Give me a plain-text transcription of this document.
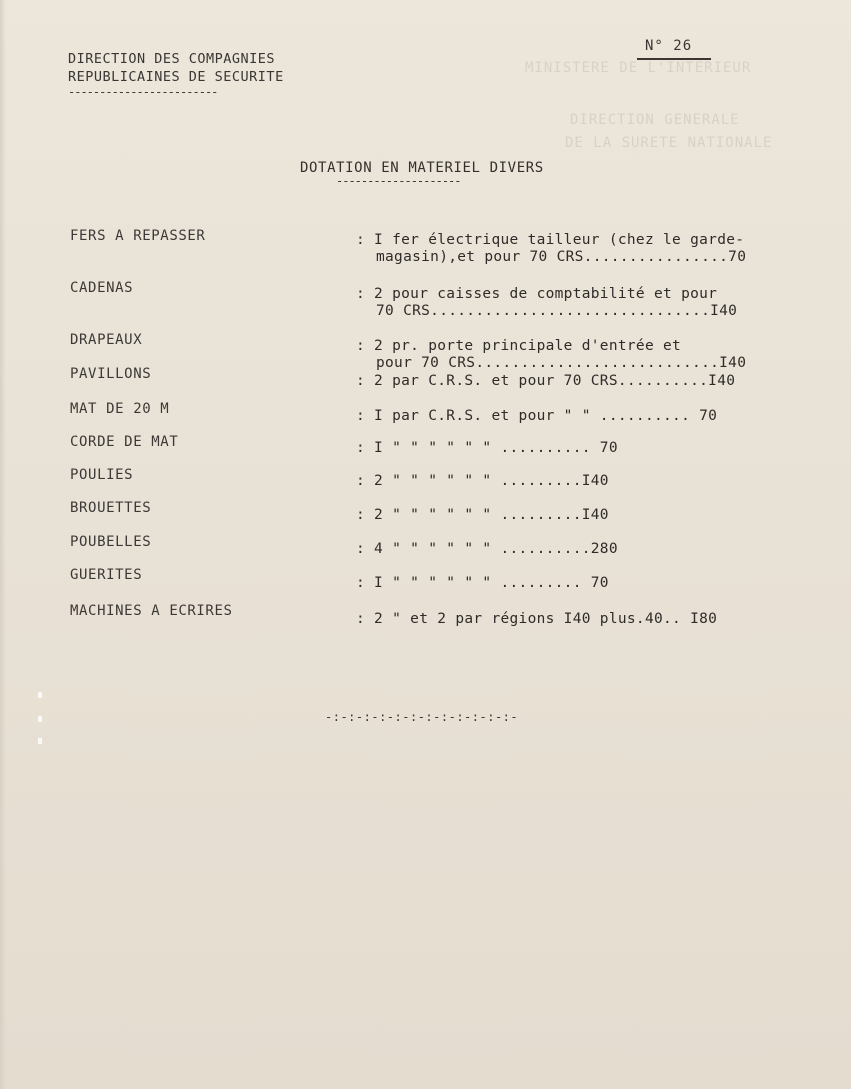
MINISTERE DE L'INTERIEUR
DIRECTION GENERALE
DE LA SURETE NATIONALE
DIRECTION DES COMPAGNIES
REPUBLICAINES DE SECURITE
------------------------
N° 26
DOTATION EN MATERIEL DIVERS
--------------------
FERS A REPASSER	: I fer électrique tailleur (chez le garde-
magasin),et pour 70 CRS................70
CADENAS	: 2 pour caisses de comptabilité et pour
70 CRS...............................I40
DRAPEAUX	: 2 pr. porte principale d'entrée et
pour 70 CRS...........................I40
PAVILLONS	: 2 par C.R.S. et pour 70 CRS..........I40
MAT DE 20 M	: I par C.R.S. et pour " " .......... 70
CORDE DE MAT	: I " " " " " " .......... 70
POULIES	: 2 " " " " " " .........I40
BROUETTES	: 2 " " " " " " .........I40
POUBELLES	: 4 " " " " " " ..........280
GUERITES	: I " " " " " " ......... 70
MACHINES A ECRIRES	: 2 " et 2 par régions I40 plus.40.. I80
-:-:-:-:-:-:-:-:-:-:-:-:-
